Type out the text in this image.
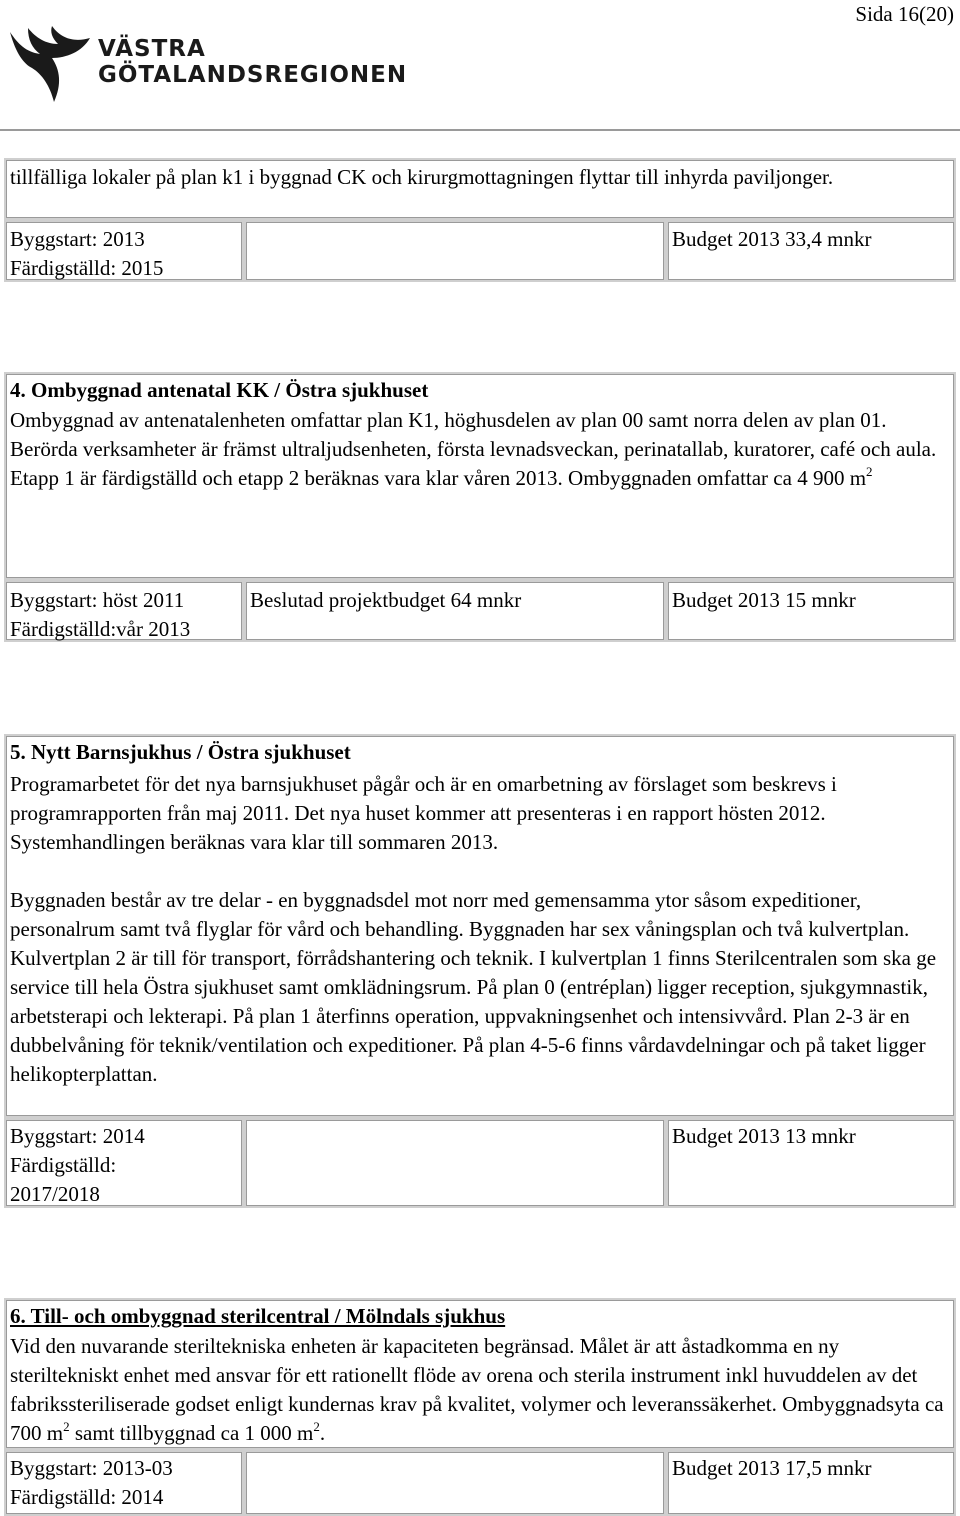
Sida 16(20)
VÄSTRA
GÖTALANDSREGIONEN
tillfälliga lokaler på plan k1 i byggnad CK och kirurgmottagningen flyttar till inhyrda paviljonger.
Byggstart: 2013
Färdigställd: 2015
Budget 2013 33,4 mnkr
4. Ombyggnad antenatal KK / Östra sjukhuset
Ombyggnad av antenatalenheten omfattar plan K1, höghusdelen av plan 00 samt norra delen av plan 01. Berörda verksamheter är främst ultraljudsenheten, första levnadsveckan, perinatallab, kuratorer, café och aula. Etapp 1 är färdigställd och etapp 2 beräknas vara klar våren 2013. Ombyggnaden omfattar ca 4 900 $m^2$
Byggstart: höst 2011
Färdigställd:vår 2013
Beslutad projektbudget 64 mnkr	Budget 2013 15 mnkr
5. Nytt Barnsjukhus / Östra sjukhuset
Programarbetet för det nya barnsjukhuset pågår och är en omarbetning av förslaget som beskrevs i programrapporten från maj 2011. Det nya huset kommer att presenteras i en rapport hösten 2012. Systemhandlingen beräknas vara klar till sommaren 2013.
Byggnaden består av tre delar - en byggnadsdel mot norr med gemensamma ytor såsom expeditioner, personalrum samt två flyglar för vård och behandling. Byggnaden har sex våningsplan och två kulvertplan. Kulvertplan 2 är till för transport, förrådshantering och teknik. I kulvertplan 1 finns Sterilcentralen som ska ge service till hela Östra sjukhuset samt omklädningsrum. På plan 0 (entréplan) ligger reception, sjukgymnastik, arbetsterapi och lekterapi. På plan 1 återfinns operation, uppvakningsenhet och intensivvård. Plan 2-3 är en dubbelvåning för teknik/ventilation och expeditioner. På plan 4-5-6 finns vårdavdelningar och på taket ligger helikopterplattan.
Byggstart: 2014
Färdigställd:
2017/2018
Budget 2013 13 mnkr
6. Till- och ombyggnad sterilcentral / Mölndals sjukhus
Vid den nuvarande steriltekniska enheten är kapaciteten begränsad. Målet är att åstadkomma en ny steriltekniskt enhet med ansvar för ett rationellt flöde av orena och sterila instrument inkl huvuddelen av det fabrikssteriliserade godset enligt kundernas krav på kvalitet, volymer och leveranssäkerhet. Ombyggnadsyta ca 700 $m^2$ samt tillbyggnad ca 1 000 $m^2$.
Byggstart: 2013-03
Färdigställd: 2014
Budget 2013 17,5 mnkr
